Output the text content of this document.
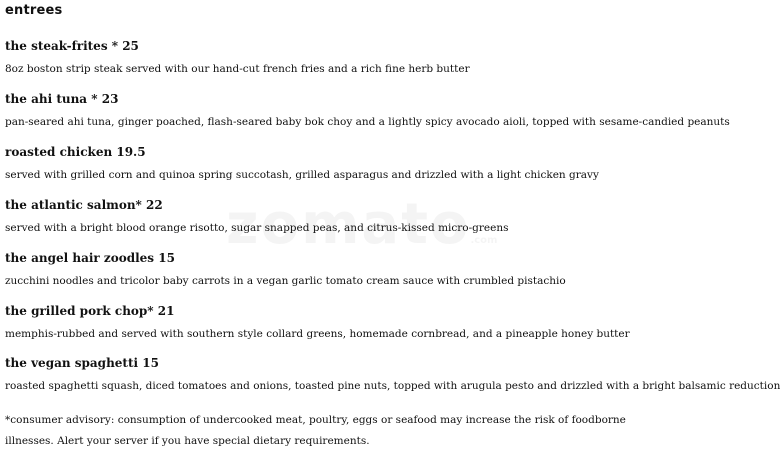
entrees
the steak-frites * 25
8oz boston strip steak served with our hand-cut french fries and a rich fine herb butter
the ahi tuna * 23
pan-seared ahi tuna, ginger poached, flash-seared baby bok choy and a lightly spicy avocado aioli, topped with sesame-candied peanuts
roasted chicken 19.5
served with grilled corn and quinoa spring succotash, grilled asparagus and drizzled with a light chicken gravy
the atlantic salmon* 22
served with a bright blood orange risotto, sugar snapped peas, and citrus-kissed micro-greens
the angel hair zoodles 15
zucchini noodles and tricolor baby carrots in a vegan garlic tomato cream sauce with crumbled pistachio
the grilled pork chop* 21
memphis-rubbed and served with southern style collard greens, homemade cornbread, and a pineapple honey butter
the vegan spaghetti 15
roasted spaghetti squash, diced tomatoes and onions, toasted pine nuts, topped with arugula pesto and drizzled with a bright balsamic reduction
*consumer advisory: consumption of undercooked meat, poultry, eggs or seafood may increase the risk of foodborne illnesses. Alert your server if you have special dietary requirements.
